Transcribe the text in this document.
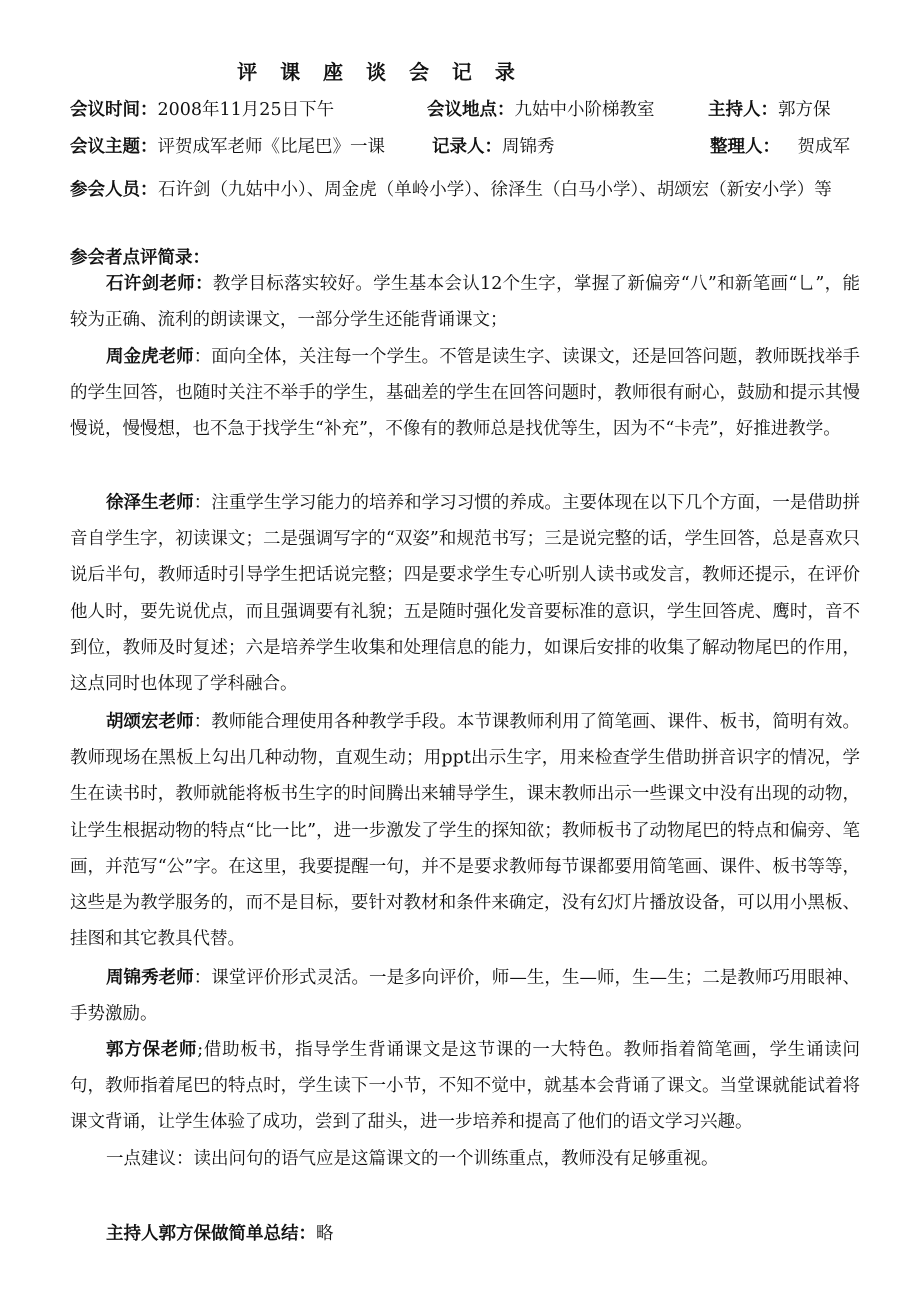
评 课 座 谈 会 记 录
会议时间：2008年11月25日下午	会议地点：九姑中小阶梯教室	主持人：郭方保
会议主题：评贺成军老师《比尾巴》一课	记录人：周锦秀	整理人：  贺成军
参会人员： 石许剑（九姑中小）、周金虎（单岭小学）、徐泽生（白马小学）、胡颂宏（新安小学）等
参会者点评简录：

石许剑老师：教学目标落实较好。学生基本会认12个生字，掌握了新偏旁“八”和新笔画“乚”，能较为正确、流利的朗读课文，一部分学生还能背诵课文；

周金虎老师：面向全体，关注每一个学生。不管是读生字、读课文，还是回答问题，教师既找举手的学生回答，也随时关注不举手的学生，基础差的学生在回答问题时，教师很有耐心，鼓励和提示其慢慢说，慢慢想，也不急于找学生“补充”，不像有的教师总是找优等生，因为不“卡壳”，好推进教学。

徐泽生老师：注重学生学习能力的培养和学习习惯的养成。主要体现在以下几个方面，一是借助拼音自学生字，初读课文；二是强调写字的“双姿”和规范书写；三是说完整的话，学生回答，总是喜欢只说后半句，教师适时引导学生把话说完整；四是要求学生专心听别人读书或发言，教师还提示，在评价他人时，要先说优点，而且强调要有礼貌；五是随时强化发音要标准的意识，学生回答虎、鹰时，音不到位，教师及时复述；六是培养学生收集和处理信息的能力，如课后安排的收集了解动物尾巴的作用，这点同时也体现了学科融合。

胡颂宏老师：教师能合理使用各种教学手段。本节课教师利用了简笔画、课件、板书，简明有效。教师现场在黑板上勾出几种动物，直观生动；用ppt出示生字，用来检查学生借助拼音识字的情况，学生在读书时，教师就能将板书生字的时间腾出来辅导学生，课末教师出示一些课文中没有出现的动物，让学生根据动物的特点“比一比”，进一步激发了学生的探知欲；教师板书了动物尾巴的特点和偏旁、笔画，并范写“公”字。在这里，我要提醒一句，并不是要求教师每节课都要用简笔画、课件、板书等等，这些是为教学服务的，而不是目标，要针对教材和条件来确定，没有幻灯片播放设备，可以用小黑板、挂图和其它教具代替。

周锦秀老师：课堂评价形式灵活。一是多向评价，师—生，生—师，生—生；二是教师巧用眼神、手势激励。

郭方保老师;借助板书，指导学生背诵课文是这节课的一大特色。教师指着简笔画，学生诵读问句，教师指着尾巴的特点时，学生读下一小节，不知不觉中，就基本会背诵了课文。当堂课就能试着将课文背诵，让学生体验了成功，尝到了甜头，进一步培养和提高了他们的语文学习兴趣。

一点建议：读出问句的语气应是这篇课文的一个训练重点，教师没有足够重视。

主持人郭方保做简单总结：略
